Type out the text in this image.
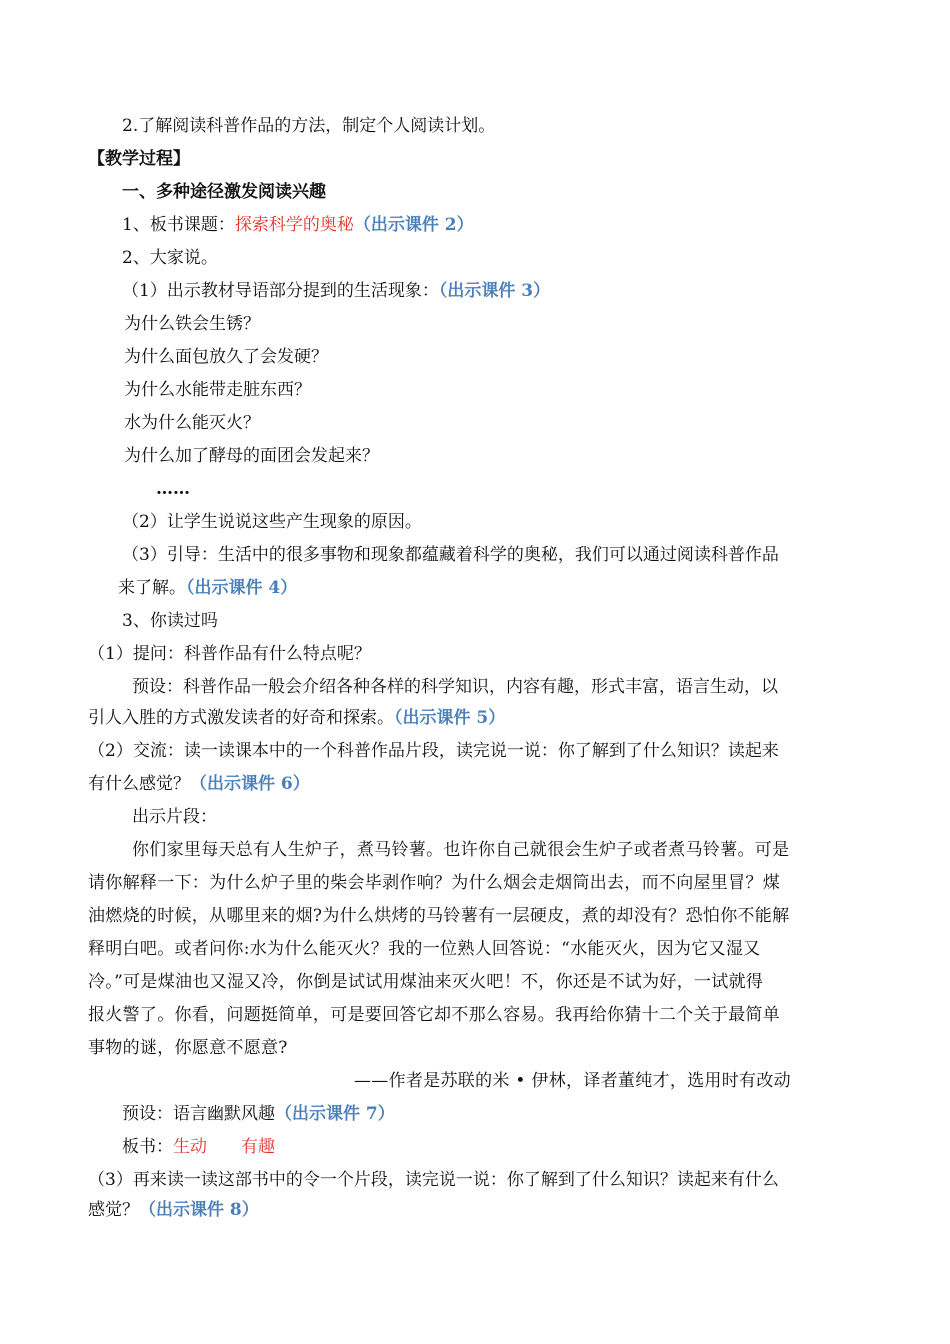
2.了解阅读科普作品的方法，制定个人阅读计划。
【教学过程】
一、多种途径激发阅读兴趣
1、板书课题：探索科学的奥秘（出示课件 2）
2、大家说。
（1）出示教材导语部分提到的生活现象：（出示课件 3）
为什么铁会生锈？
为什么面包放久了会发硬？
为什么水能带走脏东西？
水为什么能灭火？
为什么加了酵母的面团会发起来？
……
（2）让学生说说这些产生现象的原因。
（3）引导：生活中的很多事物和现象都蕴藏着科学的奥秘，我们可以通过阅读科普作品
来了解。（出示课件 4）
3、你读过吗
（1）提问：科普作品有什么特点呢？
预设：科普作品一般会介绍各种各样的科学知识，内容有趣，形式丰富，语言生动，以
引人入胜的方式激发读者的好奇和探索。（出示课件 5）
（2）交流：读一读课本中的一个科普作品片段，读完说一说：你了解到了什么知识？读起来
有什么感觉？（出示课件 6）
出示片段：
你们家里每天总有人生炉子，煮马铃薯。也许你自己就很会生炉子或者煮马铃薯。可是
请你解释一下：为什么炉子里的柴会毕剥作响？为什么烟会走烟筒出去，而不向屋里冒？煤
油燃烧的时候，从哪里来的烟?为什么烘烤的马铃薯有一层硬皮，煮的却没有？恐怕你不能解
释明白吧。或者问你:水为什么能灭火？我的一位熟人回答说：“水能灭火，因为它又湿又
冷。”可是煤油也又湿又冷，你倒是试试用煤油来灭火吧！不，你还是不试为好，一试就得
报火警了。你看，问题挺简单，可是要回答它却不那么容易。我再给你猜十二个关于最简单
事物的谜，你愿意不愿意?
——作者是苏联的米 • 伊林，译者董纯才，选用时有改动
预设：语言幽默风趣（出示课件 7）
板书：生动 有趣
（3）再来读一读这部书中的令一个片段，读完说一说：你了解到了什么知识？读起来有什么
感觉？（出示课件 8）
